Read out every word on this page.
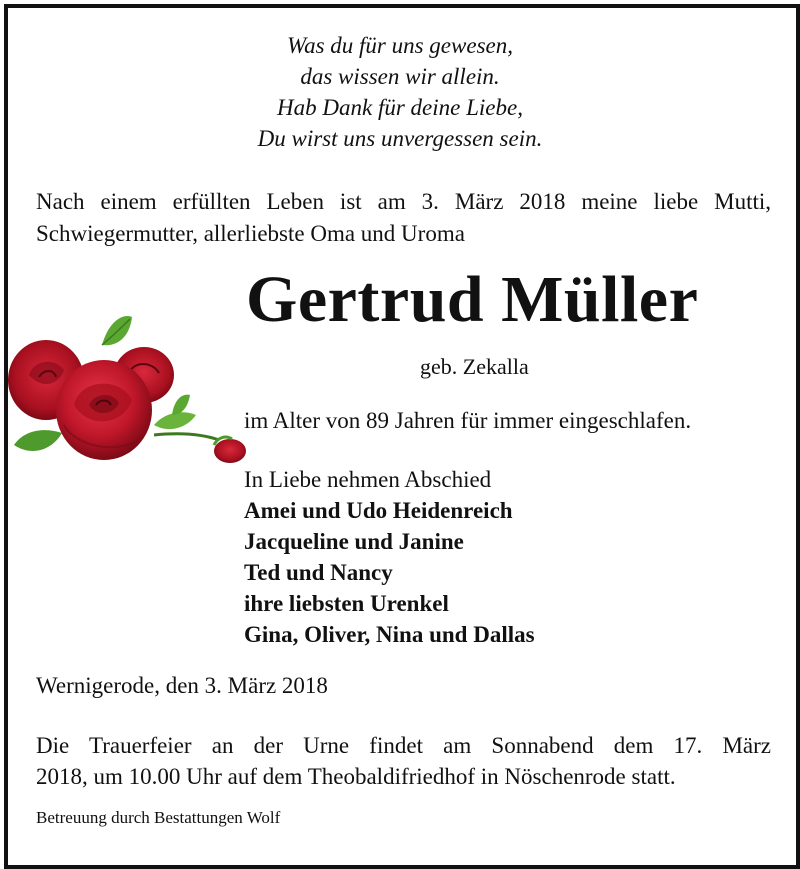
Was du für uns gewesen,
das wissen wir allein.
Hab Dank für deine Liebe,
Du wirst uns unvergessen sein.
Nach einem erfüllten Leben ist am 3. März 2018 meine liebe Mutti,
Schwiegermutter, allerliebste Oma und Uroma
Gertrud Müller
geb. Zekalla
im Alter von 89 Jahren für immer eingeschlafen.
In Liebe nehmen Abschied
Amei und Udo Heidenreich
Jacqueline und Janine
Ted und Nancy
ihre liebsten Urenkel
Gina, Oliver, Nina und Dallas
Wernigerode, den 3. März 2018
Die Trauerfeier an der Urne findet am Sonnabend dem 17. März
2018, um 10.00 Uhr auf dem Theobaldifriedhof in Nöschenrode statt.
Betreuung durch Bestattungen Wolf
